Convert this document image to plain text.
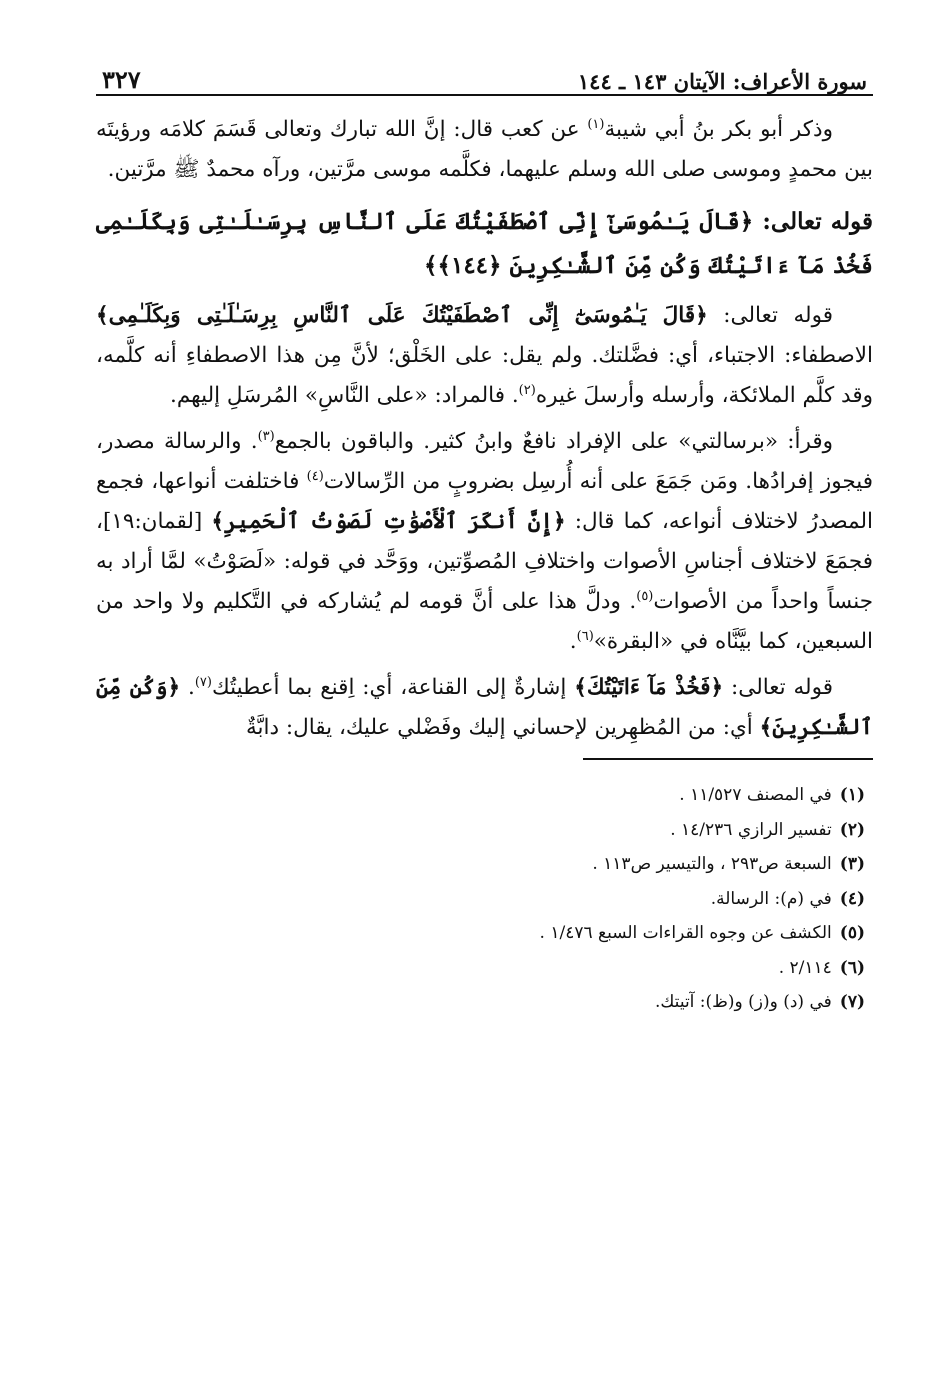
سورة الأعراف: الآيتان ١٤٣ ـ ١٤٤
٣٢٧

وذكر أبو بكر بنُ أبي شيبة$^{(١)}$ عن كعب قال: إنَّ الله تبارك وتعالى قَسَمَ كلامَه ورؤيتَه بين محمدٍ وموسى صلى الله وسلم عليهما، فكلَّمه موسى مرَّتين، ورآه محمدٌ ﷺ مرَّتين.

قوله تعالى: ﴿قَالَ يَـٰمُوسَىٰٓ إِنِّى ٱصْطَفَيْتُكَ عَلَى ٱلنَّاسِ بِرِسَـٰلَـٰتِى وَبِكَلَـٰمِى فَخُذْ مَآ ءَاتَيْتُكَ وَكُن مِّنَ ٱلشَّـٰكِرِينَ ﴿١٤٤﴾﴾

قوله تعالى: ﴿قَالَ يَـٰمُوسَىٰٓ إِنِّى ٱصْطَفَيْتُكَ عَلَى ٱلنَّاسِ بِرِسَـٰلَـٰتِى وَبِكَلَـٰمِى﴾ الاصطفاء: الاجتباء، أي: فضَّلتك. ولم يقل: على الخَلْق؛ لأنَّ مِن هذا الاصطفاءِ أنه كلَّمه، وقد كلَّم الملائكة، وأرسله وأرسلَ غيره$^{(٢)}$. فالمراد: «على النَّاسِ» المُرسَلِ إليهم.

وقرأ: «برسالتي» على الإفراد نافعٌ وابنُ كثير. والباقون بالجمع$^{(٣)}$. والرسالة مصدر، فيجوز إفرادُها. ومَن جَمَعَ على أنه أُرسِل بضروبٍ من الرِّسالات$^{(٤)}$ فاختلفت أنواعها، فجمع المصدرُ لاختلاف أنواعه، كما قال: ﴿إِنَّ أَنكَرَ ٱلْأَصْوَٰتِ لَصَوْتُ ٱلْحَمِيرِ﴾ [لقمان:١٩]، فجمَعَ لاختلاف أجناسِ الأصوات واختلافِ المُصوِّتين، ووَحَّد في قوله: «لَصَوْتُ» لمَّا أراد به جنساً واحداً من الأصوات$^{(٥)}$. ودلَّ هذا على أنَّ قومه لم يُشاركه في التَّكليم ولا واحد من السبعين، كما بيَّنَّاه في «البقرة»$^{(٦)}$.

قوله تعالى: ﴿فَخُذْ مَآ ءَاتَيْتُكَ﴾ إشارةٌ إلى القناعة، أي: اِقنع بما أعطيتُك$^{(٧)}$. ﴿وَكُن مِّنَ ٱلشَّـٰكِرِينَ﴾ أي: من المُظهِرين لإحساني إليك وفَضْلي عليك، يقال: دابَّةٌ

(١)في المصنف ١١/٥٢٧ .
(٢)تفسير الرازي ١٤/٢٣٦ .
(٣)السبعة ص٢٩٣ ، والتيسير ص١١٣ .
(٤)في (م): الرسالة.
(٥)الكشف عن وجوه القراءات السبع ١/٤٧٦ .
(٦)٢/١١٤ .
(٧)في (د) و(ز) و(ظ): آتيتك.
